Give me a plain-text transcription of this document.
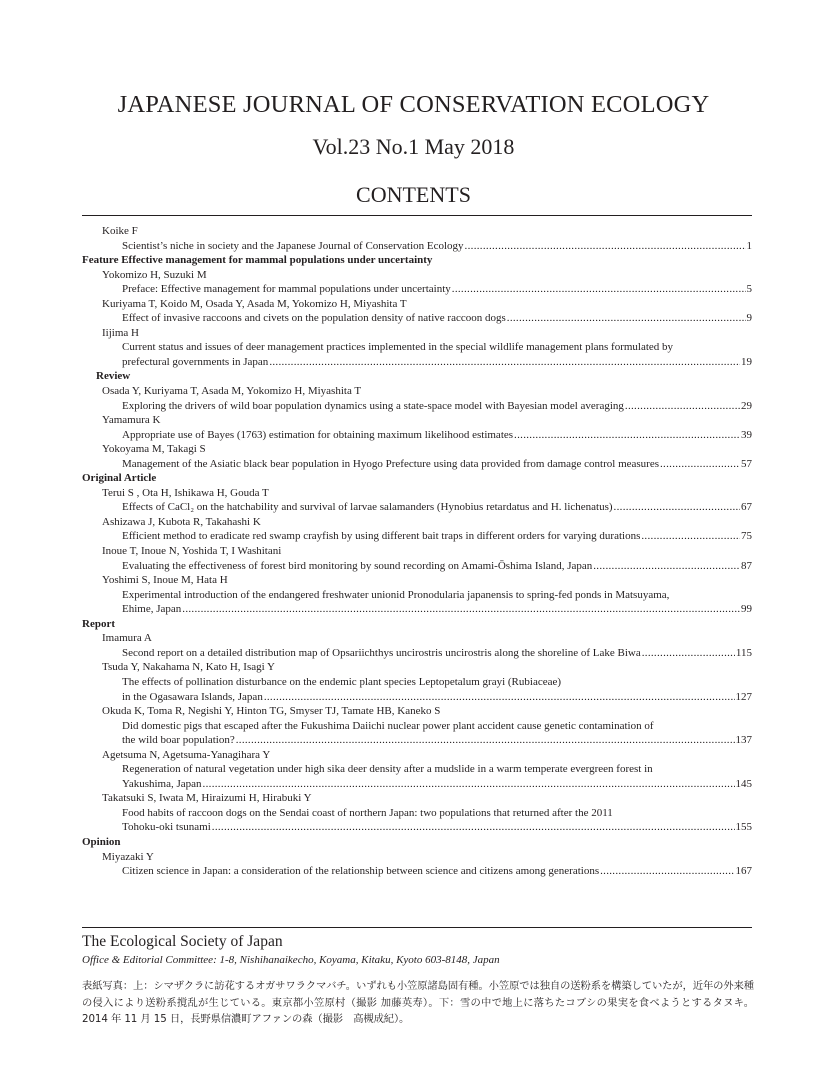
JAPANESE JOURNAL OF CONSERVATION ECOLOGY
Vol.23 No.1 May 2018
CONTENTS
Koike F
Scientist’s niche in society and the Japanese Journal of Conservation Ecology .....	1
Feature Effective management for mammal populations under uncertainty
Yokomizo H, Suzuki M
Preface: Effective management for mammal populations under uncertainty .....	5
Kuriyama T, Koido M, Osada Y, Asada M, Yokomizo H, Miyashita T
Effect of invasive raccoons and civets on the population density of native raccoon dogs .....	9
Iijima H
Current status and issues of deer management practices implemented in the special wildlife management plans formulated by
prefectural governments in Japan .....	19
Review
Osada Y, Kuriyama T, Asada M, Yokomizo H, Miyashita T
Exploring the drivers of wild boar population dynamics using a state-space model with Bayesian model averaging .....	29
Yamamura K
Appropriate use of Bayes (1763) estimation for obtaining maximum likelihood estimates .....	39
Yokoyama M, Takagi S
Management of the Asiatic black bear population in Hyogo Prefecture using data provided from damage control measures .....	57
Original Article
Terui S , Ota H, Ishikawa H, Gouda T
Effects of CaCl₂ on the hatchability and survival of larvae salamanders (Hynobius retardatus and H. lichenatus) .....	67
Ashizawa J, Kubota R, Takahashi K
Efficient method to eradicate red swamp crayfish by using different bait traps in different orders for varying durations .....	75
Inoue T, Inoue N, Yoshida T, I Washitani
Evaluating the effectiveness of forest bird monitoring by sound recording on Amami-Ōshima Island, Japan .....	87
Yoshimi S, Inoue M, Hata H
Experimental introduction of the endangered freshwater unionid Pronodularia japanensis to spring-fed ponds in Matsuyama,
Ehime, Japan .....	99
Report
Imamura A
Second report on a detailed distribution map of Opsariichthys uncirostris uncirostris along the shoreline of Lake Biwa .....	115
Tsuda Y, Nakahama N, Kato H, Isagi Y
The effects of pollination disturbance on the endemic plant species Leptopetalum grayi (Rubiaceae)
in the Ogasawara Islands, Japan .....	127
Okuda K, Toma R, Negishi Y, Hinton TG, Smyser TJ, Tamate HB, Kaneko S
Did domestic pigs that escaped after the Fukushima Daiichi nuclear power plant accident cause genetic contamination of
the wild boar population? .....	137
Agetsuma N, Agetsuma-Yanagihara Y
Regeneration of natural vegetation under high sika deer density after a mudslide in a warm temperate evergreen forest in
Yakushima, Japan .....	145
Takatsuki S, Iwata M, Hiraizumi H, Hirabuki Y
Food habits of raccoon dogs on the Sendai coast of northern Japan: two populations that returned after the 2011
Tohoku-oki tsunami .....	155
Opinion
Miyazaki Y
Citizen science in Japan: a consideration of the relationship between science and citizens among generations .....	167
The Ecological Society of Japan
Office & Editorial Committee: 1-8, Nishihanaikecho, Koyama, Kitaku, Kyoto 603-8148, Japan
表紙写真：上：シマザクラに訪花するオガサワラクマバチ。いずれも小笠原諸島固有種。小笠原では独自の送粉系を構築していたが，近年の外来種の侵入により送粉系撹乱が生じている。東京都小笠原村（撮影 加藤英寿）。下：雪の中で地上に落ちたコブシの果実を食べようとするタヌキ。2014 年 11 月 15 日，長野県信濃町アファンの森（撮影　高槻成紀）。
